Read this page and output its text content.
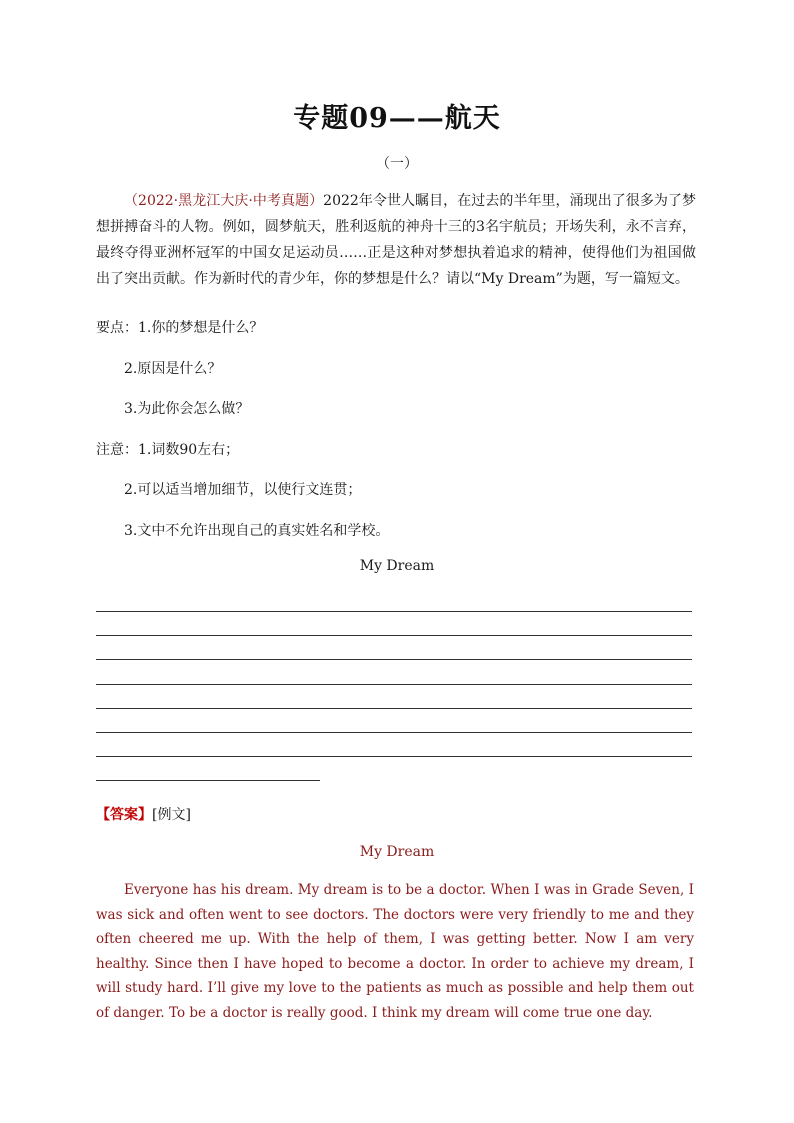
专题09——航天
（一）

（2022·黑龙江大庆·中考真题）2022年令世人瞩目，在过去的半年里，涌现出了很多为了梦想拼搏奋斗的人物。例如，圆梦航天，胜利返航的神舟十三的3名宇航员；开场失利，永不言弃，最终夺得亚洲杯冠军的中国女足运动员……正是这种对梦想执着追求的精神，使得他们为祖国做出了突出贡献。作为新时代的青少年，你的梦想是什么？请以“My Dream”为题，写一篇短文。

要点：1.你的梦想是什么？

2.原因是什么？

3.为此你会怎么做？

注意：1.词数90左右；

2.可以适当增加细节，以使行文连贯；

3.文中不允许出现自己的真实姓名和学校。

My Dream

【答案】[例文]

My Dream

Everyone has his dream. My dream is to be a doctor. When I was in Grade Seven, I was sick and often went to see doctors. The doctors were very friendly to me and they often cheered me up. With the help of them, I was getting better. Now I am very healthy. Since then I have hoped to become a doctor. In order to achieve my dream, I will study hard. I’ll give my love to the patients as much as possible and help them out of danger. To be a doctor is really good. I think my dream will come true one day.
